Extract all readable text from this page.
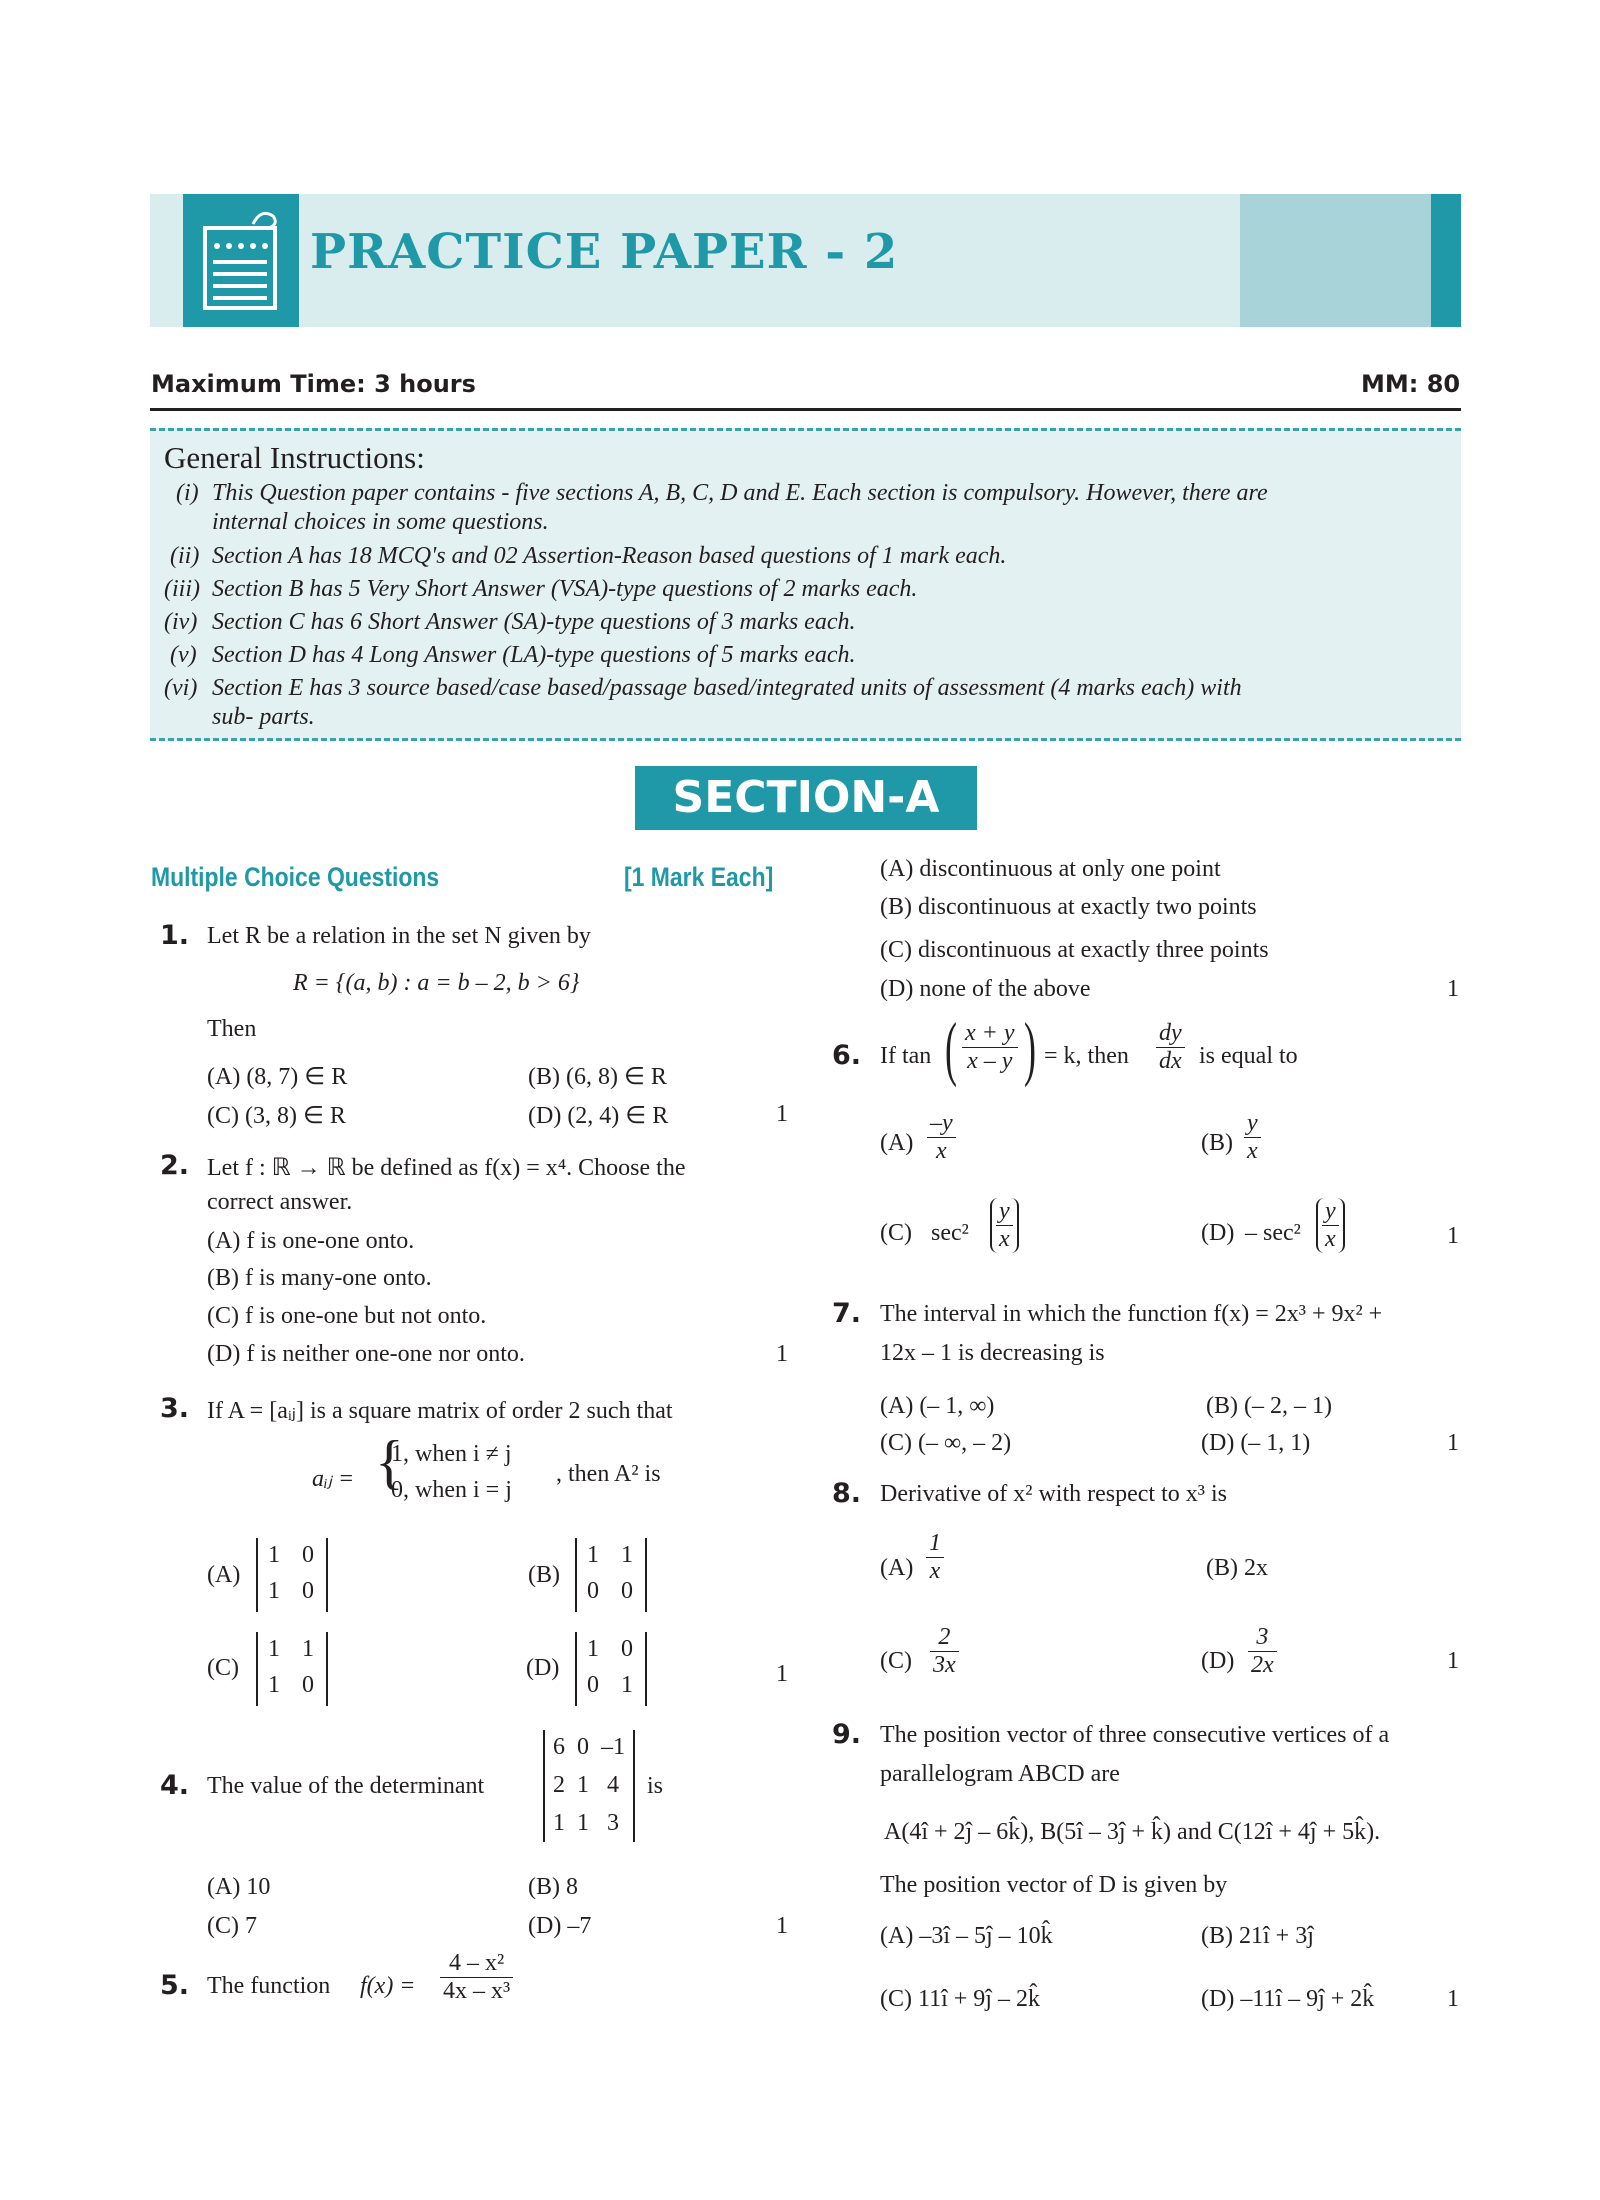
PRACTICE PAPER - 2
Maximum Time: 3 hours	MM: 80
General Instructions:
(i) This Question paper contains - five sections A, B, C, D and E. Each section is compulsory. However, there are
internal choices in some questions.
(ii) Section A has 18 MCQ's and 02 Assertion-Reason based questions of 1 mark each.
(iii) Section B has 5 Very Short Answer (VSA)-type questions of 2 marks each.
(iv) Section C has 6 Short Answer (SA)-type questions of 3 marks each.
(v) Section D has 4 Long Answer (LA)-type questions of 5 marks each.
(vi) Section E has 3 source based/case based/passage based/integrated units of assessment (4 marks each) with
sub- parts.
SECTION-A
Multiple Choice Questions	[1 Mark Each]
1. Let R be a relation in the set N given by
R = {(a, b) : a = b – 2, b > 6}
Then
(A) (8, 7) ∈ R	(B) (6, 8) ∈ R
(C) (3, 8) ∈ R	(D) (2, 4) ∈ R	1
2. Let f : ℝ → ℝ be defined as f(x) = x⁴. Choose the
correct answer.
(A) f is one-one onto.
(B) f is many-one onto.
(C) f is one-one but not onto.
(D) f is neither one-one nor onto.	1
3. If A = [aᵢⱼ] is a square matrix of order 2 such that
aᵢⱼ = {
1, when i ≠ j
0, when i = j
, then A² is
(A)
1 0
1 0
(B)
1 1
0 0
(C)
1 1
1 0
(D)
1 0
0 1	1
4. The value of the determinant
6 0 –1
2 1 4
1 1 3
is
(A) 10	(B) 8
(C) 7	(D) –7	1
5. The function $f(x) = \frac{\text{4 – x²}}{\text{4x – x³}}$
(A) discontinuous at only one point
(B) discontinuous at exactly two points
(C) discontinuous at exactly three points
(D) none of the above	1
6. If tan ( $\frac{x + y}{x - y}$ ) = k, then $\frac{dy}{dx}$ is equal to
$(A) \frac{-y}{x}$	$(B) \frac{y}{x}$
(C) $\sec^2 \frac{y}{x}$	$(D) - \sec^2 \frac{y}{x}$	1
7. The interval in which the function f(x) = 2x³ + 9x² +
12x – 1 is decreasing is
(A) (– 1, ∞)	(B) (– 2, – 1)
(C) (– ∞, – 2)	(D) (– 1, 1)	1
8. Derivative of x² with respect to x³ is
$(A) \frac{1}{x}$	(B) 2x
$(C) \frac{2}{3x}$	$(D) \frac{3}{2x}$	1
9. The position vector of three consecutive vertices of a
parallelogram ABCD are
A(4î + 2ĵ – 6k̂), B(5î – 3ĵ + k̂) and C(12î + 4ĵ + 5k̂).
The position vector of D is given by
(A) –3î – 5ĵ – 10k̂	(B) 21î + 3ĵ
(C) 11î + 9ĵ – 2k̂	(D) –11î – 9ĵ + 2k̂	1
